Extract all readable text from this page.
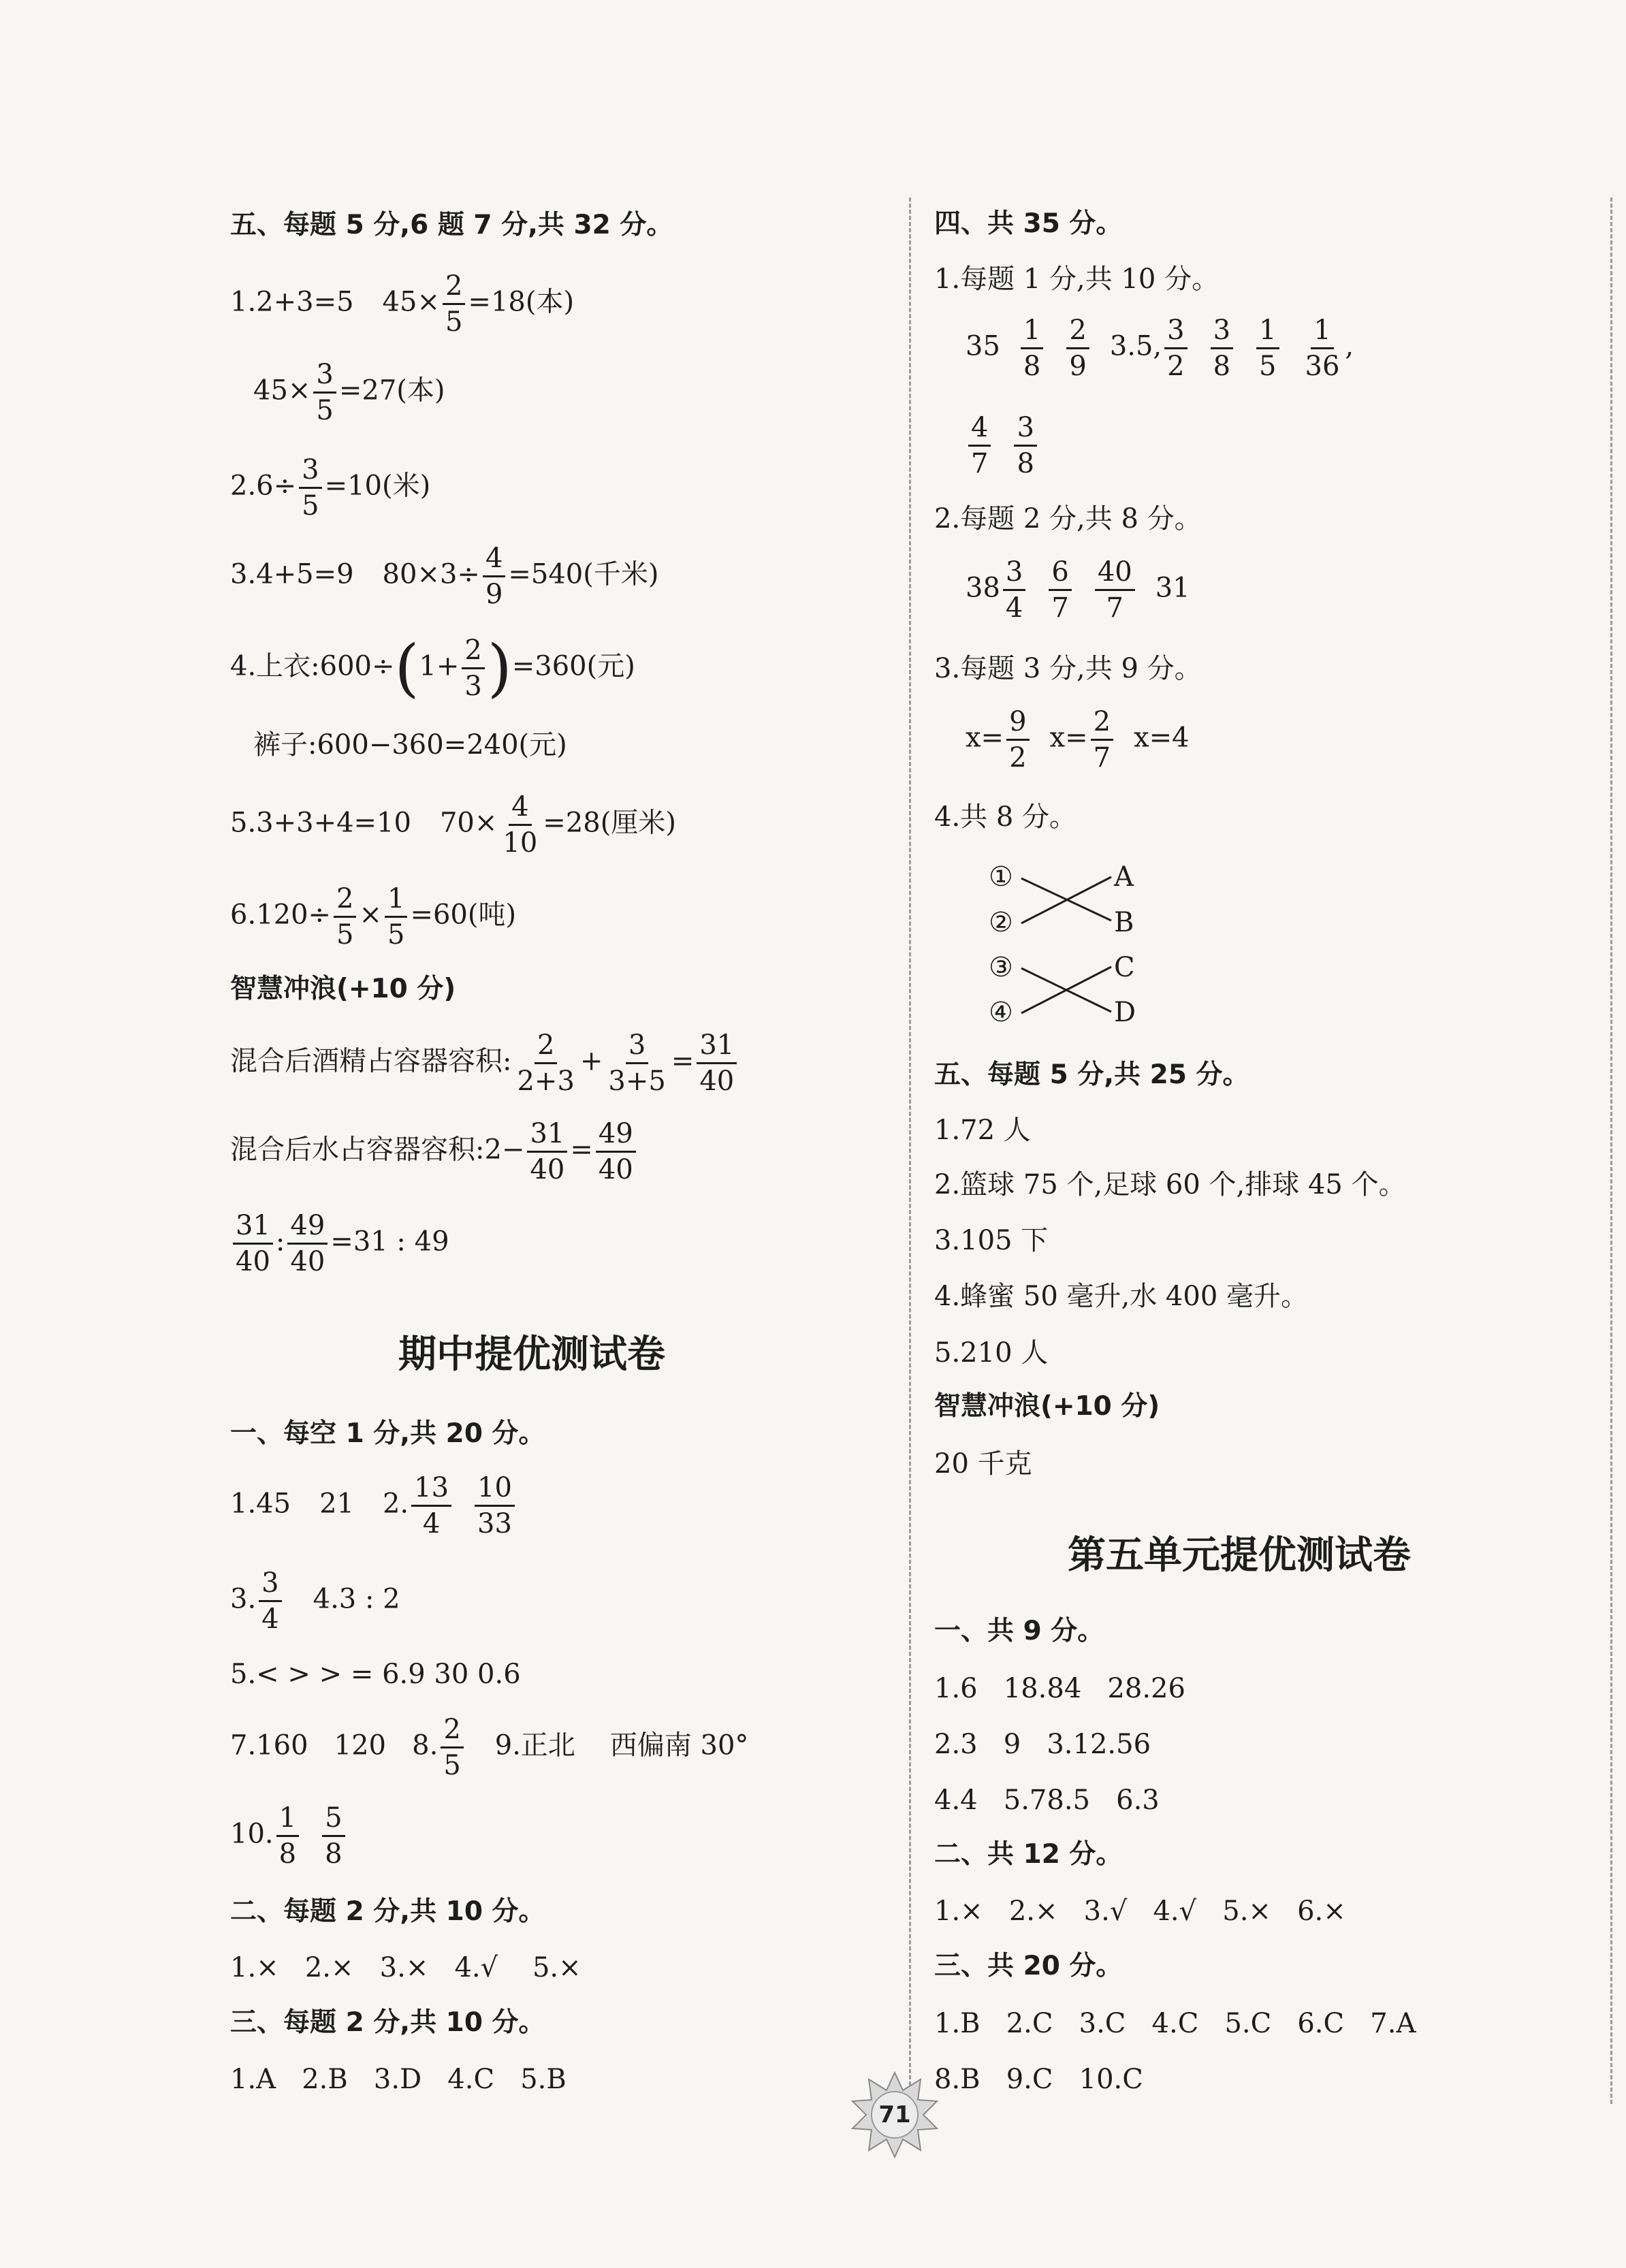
五、每题 5 分,6 题 7 分,共 32 分。
1.2+3=5 $45\times \frac{2}{5} =18$(本)
$45\times \frac{3}{5} =27$(本)
$2.6\div \frac{3}{5} =10$(米)
3.4+5=9 $80\times 3\div \frac{4}{9} =540$(千米)
4.上衣:600÷(1+ $\frac{2}{3} )=360$(元)
裤子:600−360=240(元)
5.3+3+4=10 $70\times \frac{4}{10} =28$(厘米)
$6.120\div \frac{2}{5} \times \frac{1}{5} =60$(吨)
智慧冲浪(+10 分)
混合后酒精占容器容积: $\frac{2}{2+3} + \frac{3}{3+5} = \frac{31}{40}$
混合后水占容器容积:2− $\frac{31}{40} = \frac{49}{40}$
$\frac{31}{40}$ : $\frac{49}{40} =31$ : 49
期中提优测试卷
一、每空 1 分,共 20 分。
1.45 21 2. $\frac{13}{4} \frac{10}{33}$
3. $\frac{3}{4} 4.3$ : 2
5.< > > = 6.9 30 0.6
7.160   120   8. $\frac{2}{5} 9$.正北    西偏南 30°
10. $\frac{1}{8} \frac{5}{8}$
二、每题 2 分,共 10 分。
1.×   2.×   3.×   4.√    5.×
三、每题 2 分,共 10 分。
1.A   2.B   3.D   4.C   5.B
四、共 35 分。
1.每题 1 分,共 10 分。
$35 \frac{1}{8} \frac{2}{9} 3.5$, $\frac{3}{2} \frac{3}{8} \frac{1}{5} \frac{1}{36}$ ,
$\frac{4}{7} \frac{3}{8}$
2.每题 2 分,共 8 分。
$38 \frac{3}{4} \frac{6}{7} \frac{40}{7} 31$
3.每题 3 分,共 9 分。
$x= \frac{9}{2} x= \frac{2}{7} x=4$
4.共 8 分。
①
②
③
④
A
B
C
D
五、每题 5 分,共 25 分。
1.72 人
2.篮球 75 个,足球 60 个,排球 45 个。
3.105 下
4.蜂蜜 50 毫升,水 400 毫升。
5.210 人
智慧冲浪(+10 分)
20 千克
第五单元提优测试卷
一、共 9 分。
1.6   18.84   28.26
2.3   9   3.12.56
4.4   5.78.5   6.3
二、共 12 分。
1.×   2.×   3.√   4.√   5.×   6.×
三、共 20 分。
1.B   2.C   3.C   4.C   5.C   6.C   7.A
8.B   9.C   10.C
71
